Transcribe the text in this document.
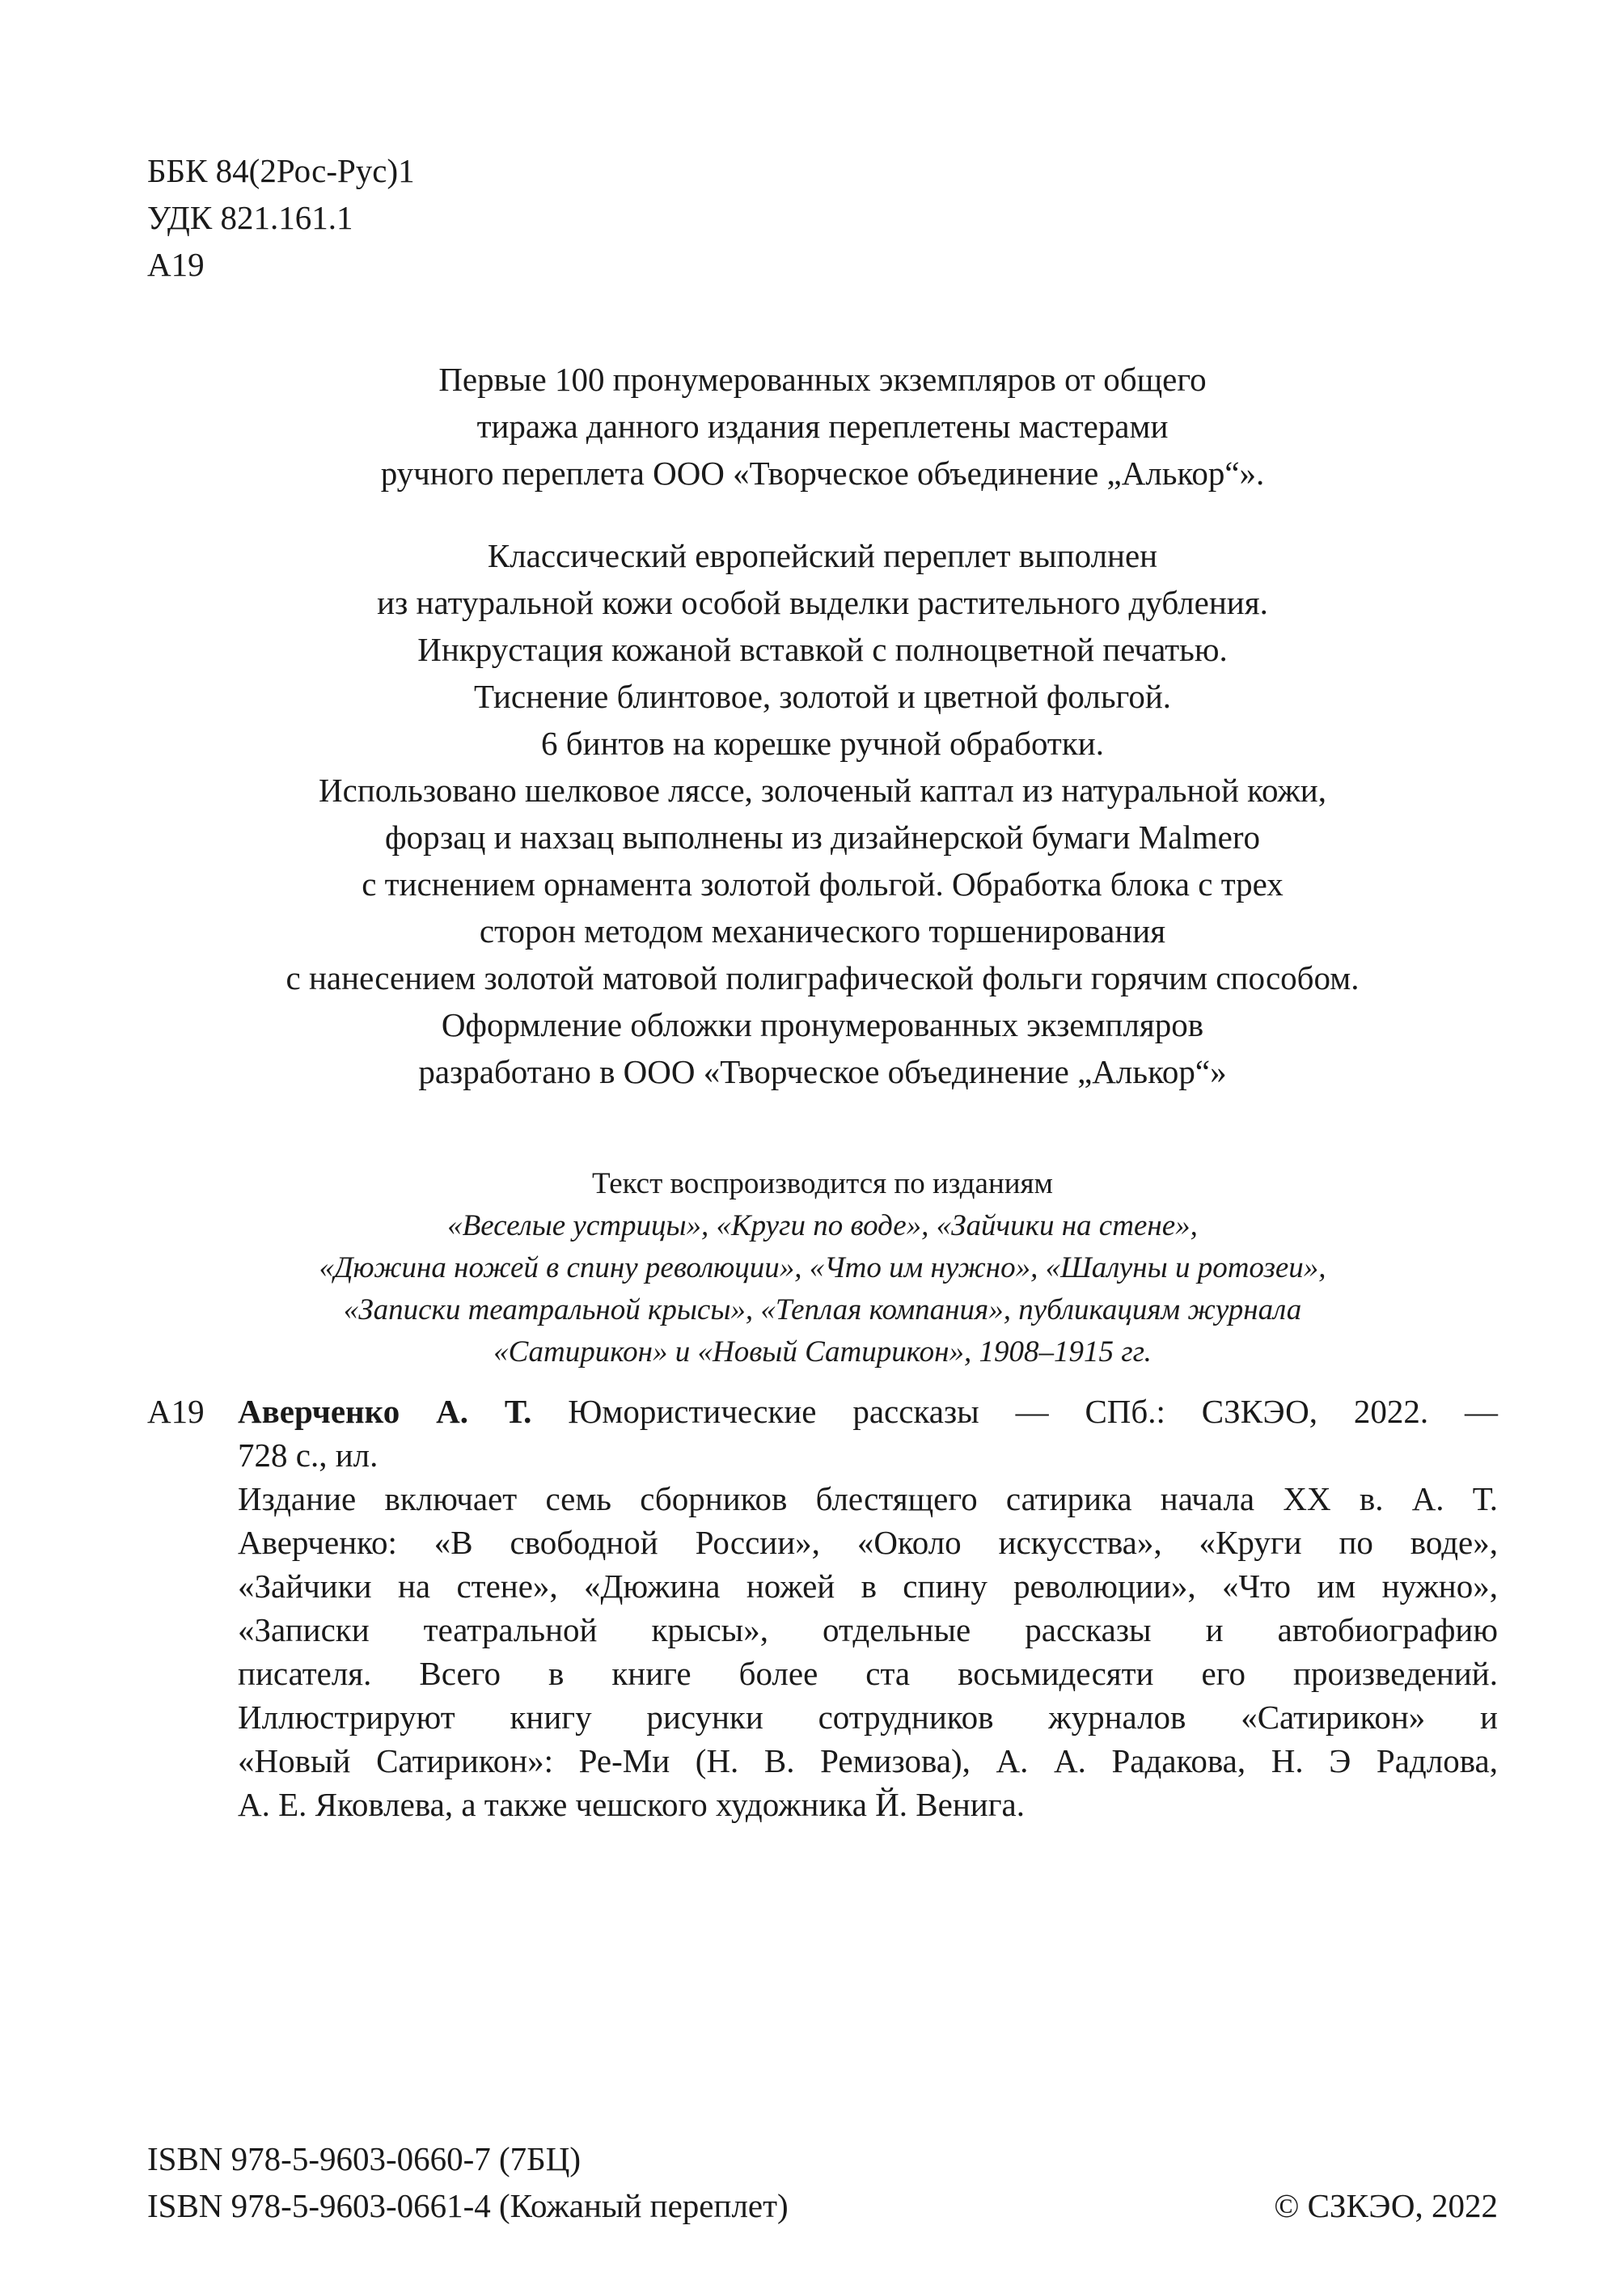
ББК 84(2Рос-Рус)1
УДК 821.161.1
А19
Первые 100 пронумерованных экземпляров от общего
тиража данного издания переплетены мастерами
ручного переплета ООО «Творческое объединение „Алькор“».
Классический европейский переплет выполнен
из натуральной кожи особой выделки растительного дубления.
Инкрустация кожаной вставкой с полноцветной печатью.
Тиснение блинтовое, золотой и цветной фольгой.
6 бинтов на корешке ручной обработки.
Использовано шелковое ляссе, золоченый каптал из натуральной кожи,
форзац и нахзац выполнены из дизайнерской бумаги Malmero
с тиснением орнамента золотой фольгой. Обработка блока с трех
сторон методом механического торшенирования
с нанесением золотой матовой полиграфической фольги горячим способом.
Оформление обложки пронумерованных экземпляров
разработано в ООО «Творческое объединение „Алькор“»
Текст воспроизводится по изданиям
«Веселые устрицы», «Круги по воде», «Зайчики на стене»,
«Дюжина ножей в спину революции», «Что им нужно», «Шалуны и ротозеи»,
«Записки театральной крысы», «Теплая компания», публикациям журнала
«Сатирикон» и «Новый Сатирикон», 1908–1915 гг.
А19 Аверченко А. Т. Юмористические рассказы — СПб.: СЗКЭО, 2022. —
728 с., ил.
Издание включает семь сборников блестящего сатирика начала XX в. А. Т.
Аверченко: «В свободной России», «Около искусства», «Круги по воде»,
«Зайчики на стене», «Дюжина ножей в спину революции», «Что им нужно»,
«Записки театральной крысы», отдельные рассказы и автобиографию
писателя. Всего в книге более ста восьмидесяти его произведений.
Иллюстрируют книгу рисунки сотрудников журналов «Сатирикон» и
«Новый Сатирикон»: Ре-Ми (Н. В. Ремизова), А. А. Радакова, Н. Э Радлова,
А. Е. Яковлева, а также чешского художника Й. Венига.
ISBN 978-5-9603-0660-7 (7БЦ)
ISBN 978-5-9603-0661-4 (Кожаный переплет)	© СЗКЭО, 2022
